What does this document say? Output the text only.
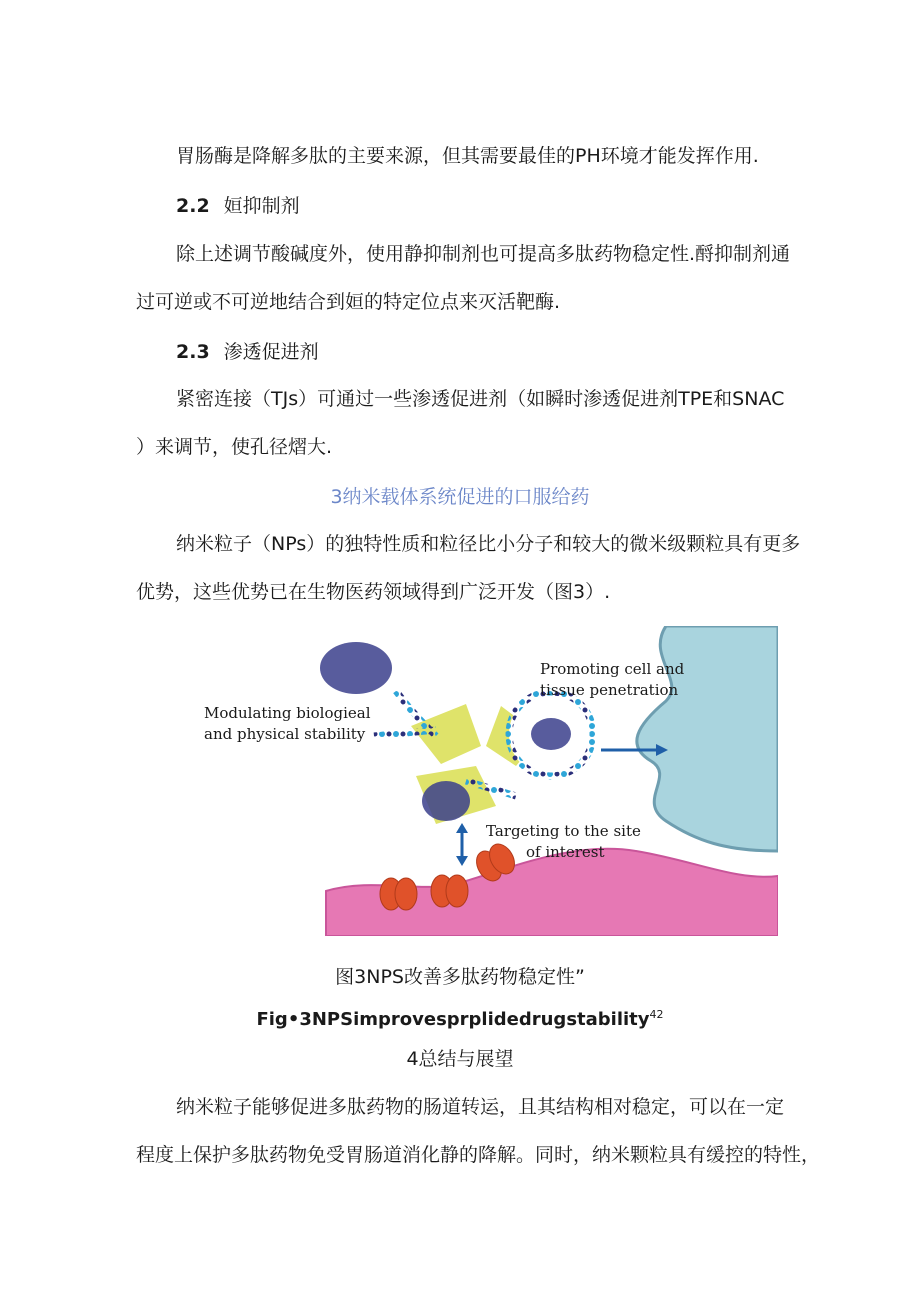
胃肠酶是降解多肽的主要来源，但其需要最佳的PH环境才能发挥作用.
2.2 姮抑制剂
除上述调节酸碱度外，使用静抑制剂也可提高多肽药物稳定性.酹抑制剂通
过可逆或不可逆地结合到姮的特定位点来灭活靶酶.
2.3 渗透促进剂
紧密连接（TJs）可通过一些渗透促进剂（如瞬时渗透促进剂TPE和SNAC
）来调节，使孔径熠大.
3纳米载体系统促进的口服给药
纳米粒子（NPs）的独特性质和粒径比小分子和较大的微米级颗粒具有更多
优势，这些优势已在生物医药领域得到广泛开发（图3）.
Modulating biologieal
and physical stability
Promoting cell and
tissue penetration
Targeting to the site
of interest
图3NPS改善多肽药物稳定性”
Fig•3NPSimprovesprplidedrugstability$^{42}$
4总结与展望
纳米粒子能够促进多肽药物的肠道转运，且其结构相对稳定，可以在一定
程度上保护多肽药物免受胃肠道消化静的降解。同时，纳米颗粒具有缓控的特性，
